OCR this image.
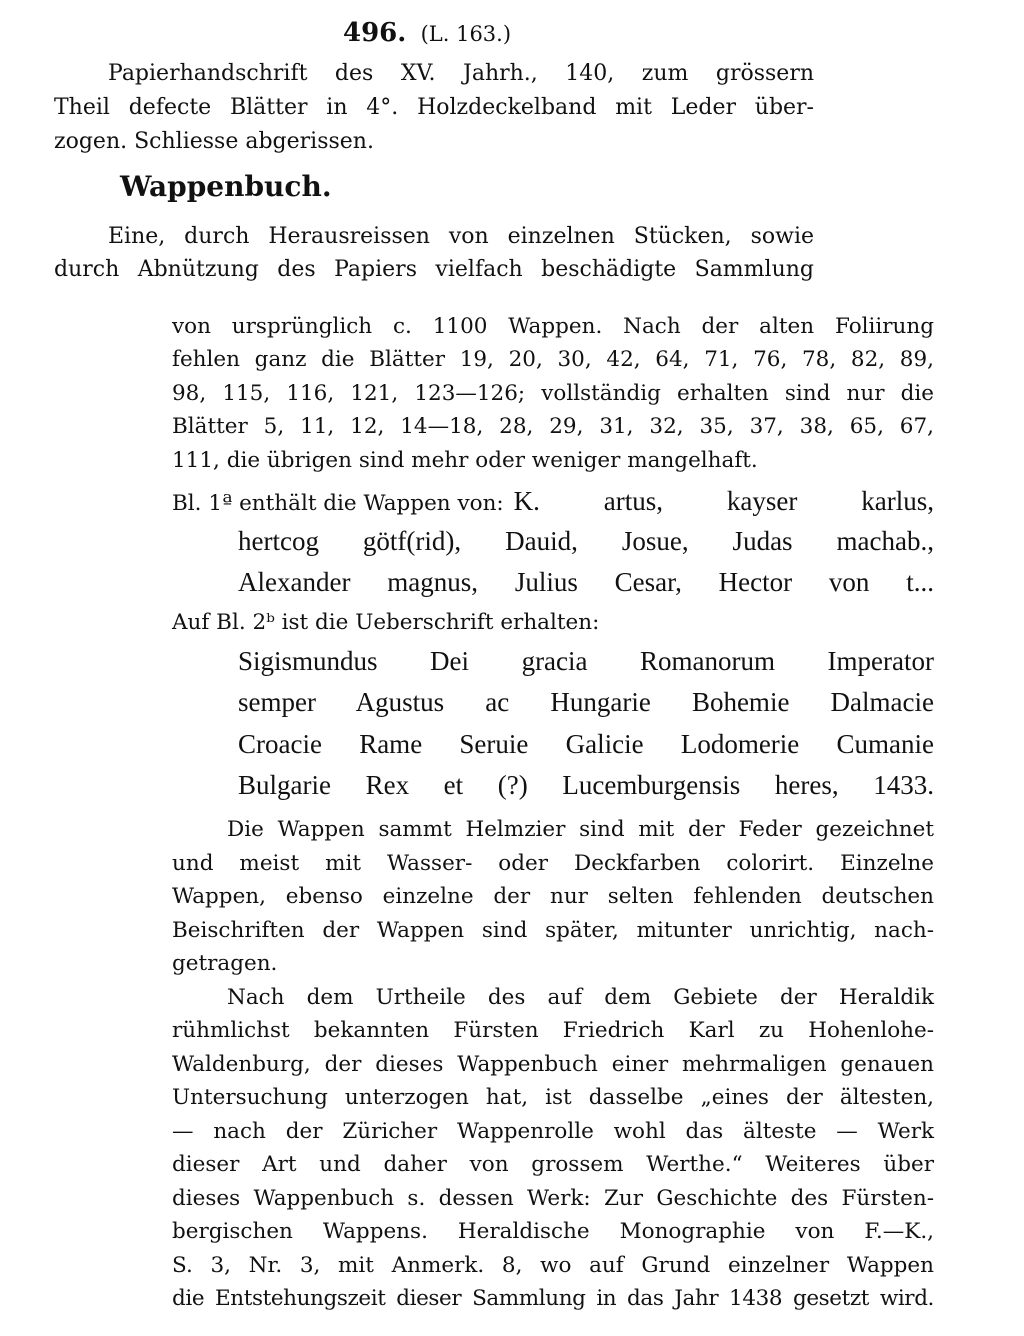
496. (L. 163.)
Papierhandschrift des XV. Jahrh., 140, zum grössern
Theil defecte Blätter in 4°. Holzdeckelband mit Leder über-
zogen. Schliesse abgerissen.
Wappenbuch.
Eine, durch Herausreissen von einzelnen Stücken, sowie
durch Abnützung des Papiers vielfach beschädigte Sammlung
von ursprünglich c. 1100 Wappen. Nach der alten Foliirung
fehlen ganz die Blätter 19, 20, 30, 42, 64, 71, 76, 78, 82, 89,
98, 115, 116, 121, 123—126; vollständig erhalten sind nur die
Blätter 5, 11, 12, 14—18, 28, 29, 31, 32, 35, 37, 38, 65, 67,
111, die übrigen sind mehr oder weniger mangelhaft.
Bl. 1ª enthält die Wappen von: K. artus, kayser karlus,
hertcog götf(rid), Dauid, Josue, Judas machab.,
Alexander magnus, Julius Cesar, Hector von t...
Auf Bl. 2ᵇ ist die Ueberschrift erhalten:
Sigismundus Dei gracia Romanorum Imperator
semper Agustus ac Hungarie Bohemie Dalmacie
Croacie Rame Seruie Galicie Lodomerie Cumanie
Bulgarie Rex et (?) Lucemburgensis heres, 1433.
Die Wappen sammt Helmzier sind mit der Feder gezeichnet
und meist mit Wasser- oder Deckfarben colorirt. Einzelne
Wappen, ebenso einzelne der nur selten fehlenden deutschen
Beischriften der Wappen sind später, mitunter unrichtig, nach-
getragen.
Nach dem Urtheile des auf dem Gebiete der Heraldik
rühmlichst bekannten Fürsten Friedrich Karl zu Hohenlohe-
Waldenburg, der dieses Wappenbuch einer mehrmaligen genauen
Untersuchung unterzogen hat, ist dasselbe „eines der ältesten,
— nach der Züricher Wappenrolle wohl das älteste — Werk
dieser Art und daher von grossem Werthe.“ Weiteres über
dieses Wappenbuch s. dessen Werk: Zur Geschichte des Fürsten-
bergischen Wappens. Heraldische Monographie von F.—K.,
S. 3, Nr. 3, mit Anmerk. 8, wo auf Grund einzelner Wappen
die Entstehungszeit dieser Sammlung in das Jahr 1438 gesetzt wird.
